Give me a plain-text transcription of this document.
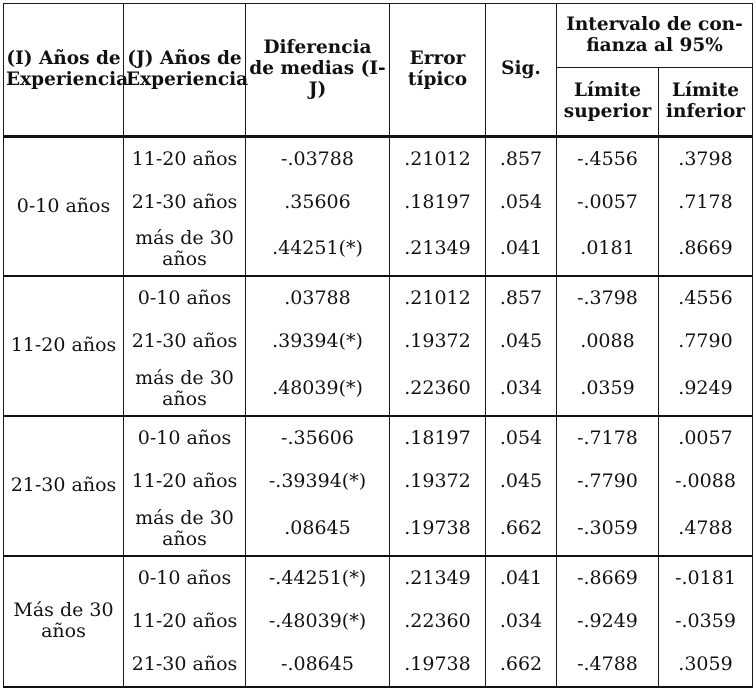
(I) Años de Experiencia	(J) Años de Experiencia	Diferencia de medias (I-J)	Error típico	Sig.	Intervalo de con-fianza al 95%	
					Límite superior	Límite inferior
0-10 años	11-20 años	-.03788	.21012	.857	-.4556	.3798
	21-30 años	.35606	.18197	.054	-.0057	.7178
	más de 30 años	.44251(*)	.21349	.041	.0181	.8669
11-20 años	0-10 años	.03788	.21012	.857	-.3798	.4556
	21-30 años	.39394(*)	.19372	.045	.0088	.7790
	más de 30 años	.48039(*)	.22360	.034	.0359	.9249
21-30 años	0-10 años	-.35606	.18197	.054	-.7178	.0057
	11-20 años	-.39394(*)	.19372	.045	-.7790	-.0088
	más de 30 años	.08645	.19738	.662	-.3059	.4788
Más de 30 años	0-10 años	-.44251(*)	.21349	.041	-.8669	-.0181
	11-20 años	-.48039(*)	.22360	.034	-.9249	-.0359
	21-30 años	-.08645	.19738	.662	-.4788	.3059
